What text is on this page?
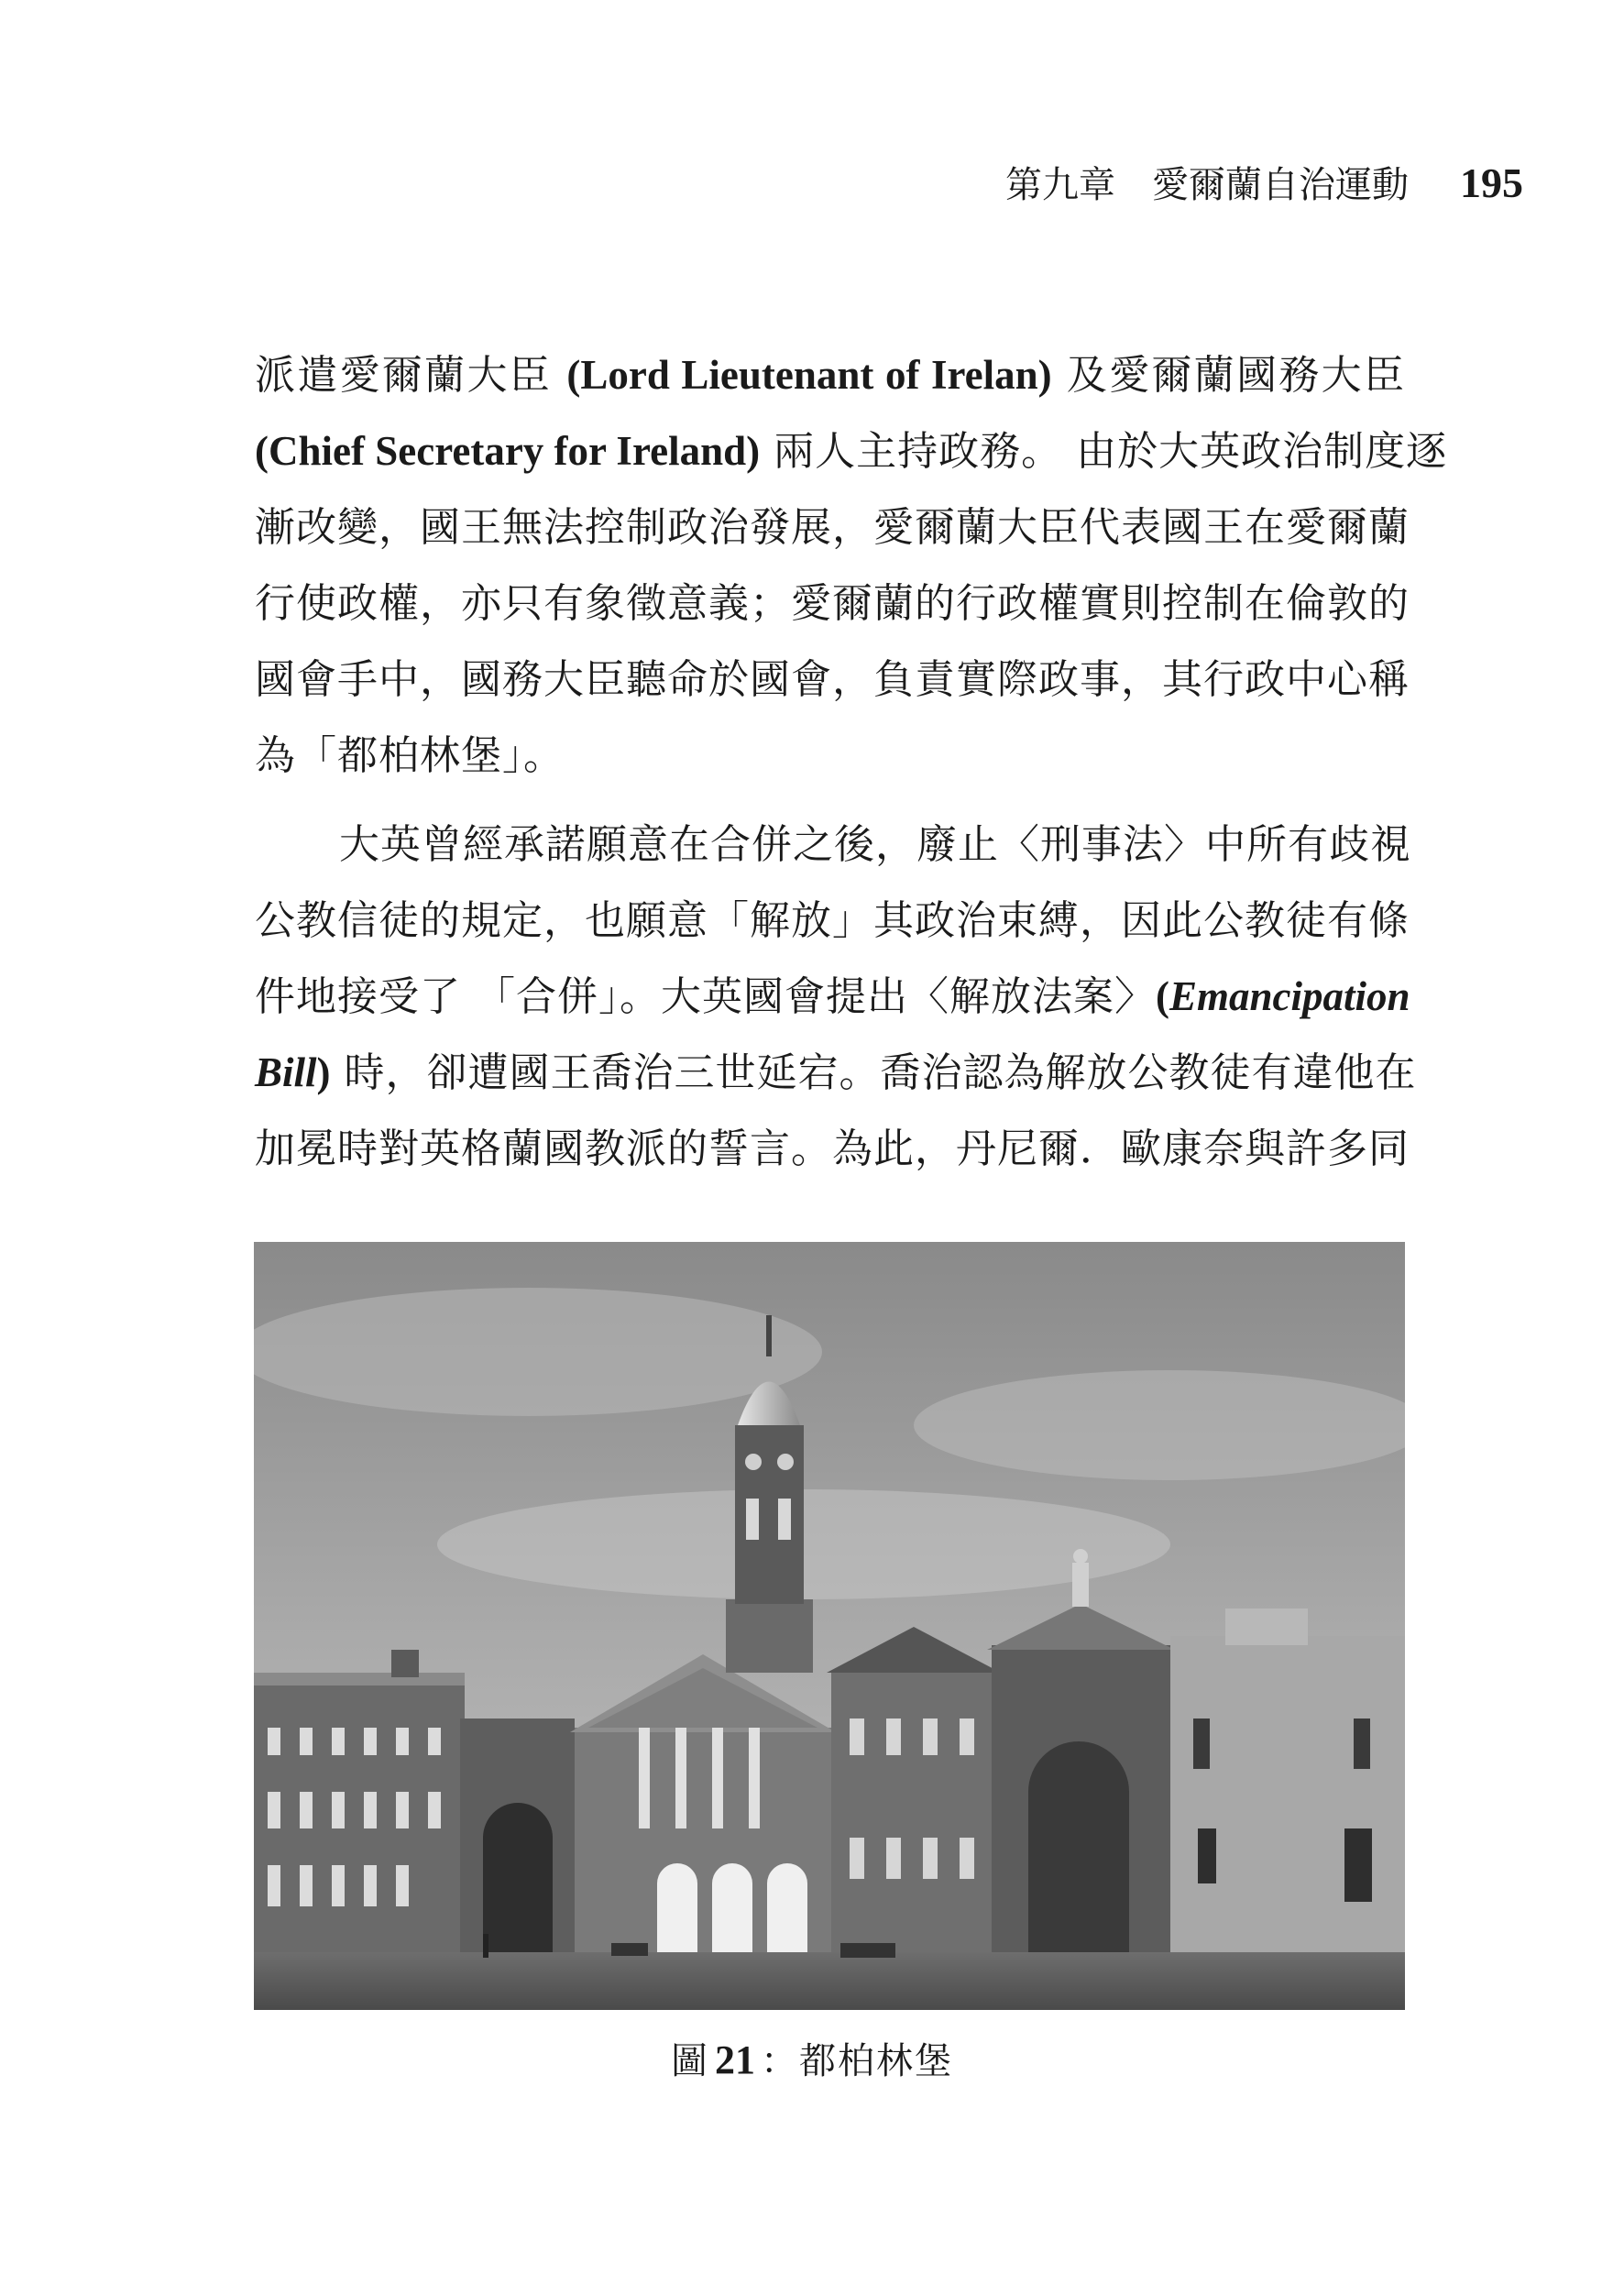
第九章 愛爾蘭自治運動 195
派遣愛爾蘭大臣 (Lord Lieutenant of Irelan) 及愛爾蘭國務大臣
(Chief Secretary for Ireland) 兩人主持政務。 由於大英政治制度逐
漸改變，國王無法控制政治發展，愛爾蘭大臣代表國王在愛爾蘭
行使政權，亦只有象徵意義；愛爾蘭的行政權實則控制在倫敦的
國會手中，國務大臣聽命於國會，負責實際政事，其行政中心稱
為「都柏林堡」。
大英曾經承諾願意在合併之後，廢止〈刑事法〉中所有歧視
公教信徒的規定，也願意「解放」其政治束縛，因此公教徒有條
件地接受了 「合併」。大英國會提出〈解放法案〉(Emancipation
Bill) 時，卻遭國王喬治三世延宕。喬治認為解放公教徒有違他在
加冕時對英格蘭國教派的誓言。為此，丹尼爾．歐康奈與許多同
圖 21 ：都柏林堡
